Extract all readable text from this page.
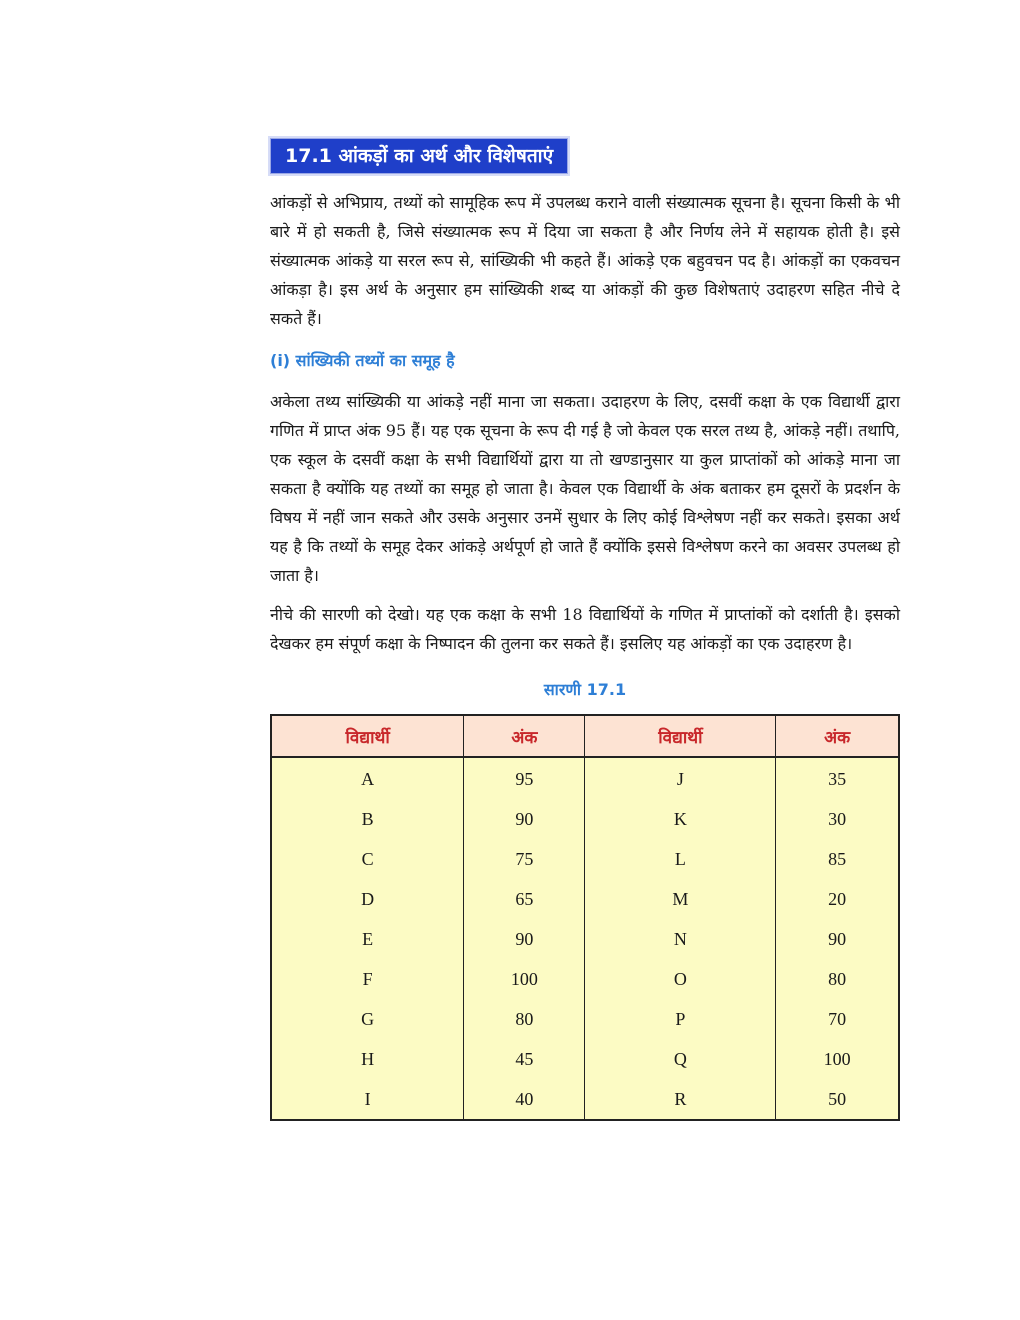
17.1 आंकड़ों का अर्थ और विशेषताएं

आंकड़ों से अभिप्राय, तथ्यों को सामूहिक रूप में उपलब्ध कराने वाली संख्यात्मक सूचना है। सूचना किसी के भी बारे में हो सकती है, जिसे संख्यात्मक रूप में दिया जा सकता है और निर्णय लेने में सहायक होती है। इसे संख्यात्मक आंकड़े या सरल रूप से, सांख्यिकी भी कहते हैं। आंकड़े एक बहुवचन पद है। आंकड़ों का एकवचन आंकड़ा है। इस अर्थ के अनुसार हम सांख्यिकी शब्द या आंकड़ों की कुछ विशेषताएं उदाहरण सहित नीचे दे सकते हैं।

(i) सांख्यिकी तथ्यों का समूह है

अकेला तथ्य सांख्यिकी या आंकड़े नहीं माना जा सकता। उदाहरण के लिए, दसवीं कक्षा के एक विद्यार्थी द्वारा गणित में प्राप्त अंक 95 हैं। यह एक सूचना के रूप दी गई है जो केवल एक सरल तथ्य है, आंकड़े नहीं। तथापि, एक स्कूल के दसवीं कक्षा के सभी विद्यार्थियों द्वारा या तो खण्डानुसार या कुल प्राप्तांकों को आंकड़े माना जा सकता है क्योंकि यह तथ्यों का समूह हो जाता है। केवल एक विद्यार्थी के अंक बताकर हम दूसरों के प्रदर्शन के विषय में नहीं जान सकते और उसके अनुसार उनमें सुधार के लिए कोई विश्लेषण नहीं कर सकते। इसका अर्थ यह है कि तथ्यों के समूह देकर आंकड़े अर्थपूर्ण हो जाते हैं क्योंकि इससे विश्लेषण करने का अवसर उपलब्ध हो जाता है।

नीचे की सारणी को देखो। यह एक कक्षा के सभी 18 विद्यार्थियों के गणित में प्राप्तांकों को दर्शाती है। इसको देखकर हम संपूर्ण कक्षा के निष्पादन की तुलना कर सकते हैं। इसलिए यह आंकड़ों का एक उदाहरण है।

सारणी 17.1
विद्यार्थी	अंक	विद्यार्थी	अंक
A	95	J	35
B	90	K	30
C	75	L	85
D	65	M	20
E	90	N	90
F	100	O	80
G	80	P	70
H	45	Q	100
I	40	R	50
